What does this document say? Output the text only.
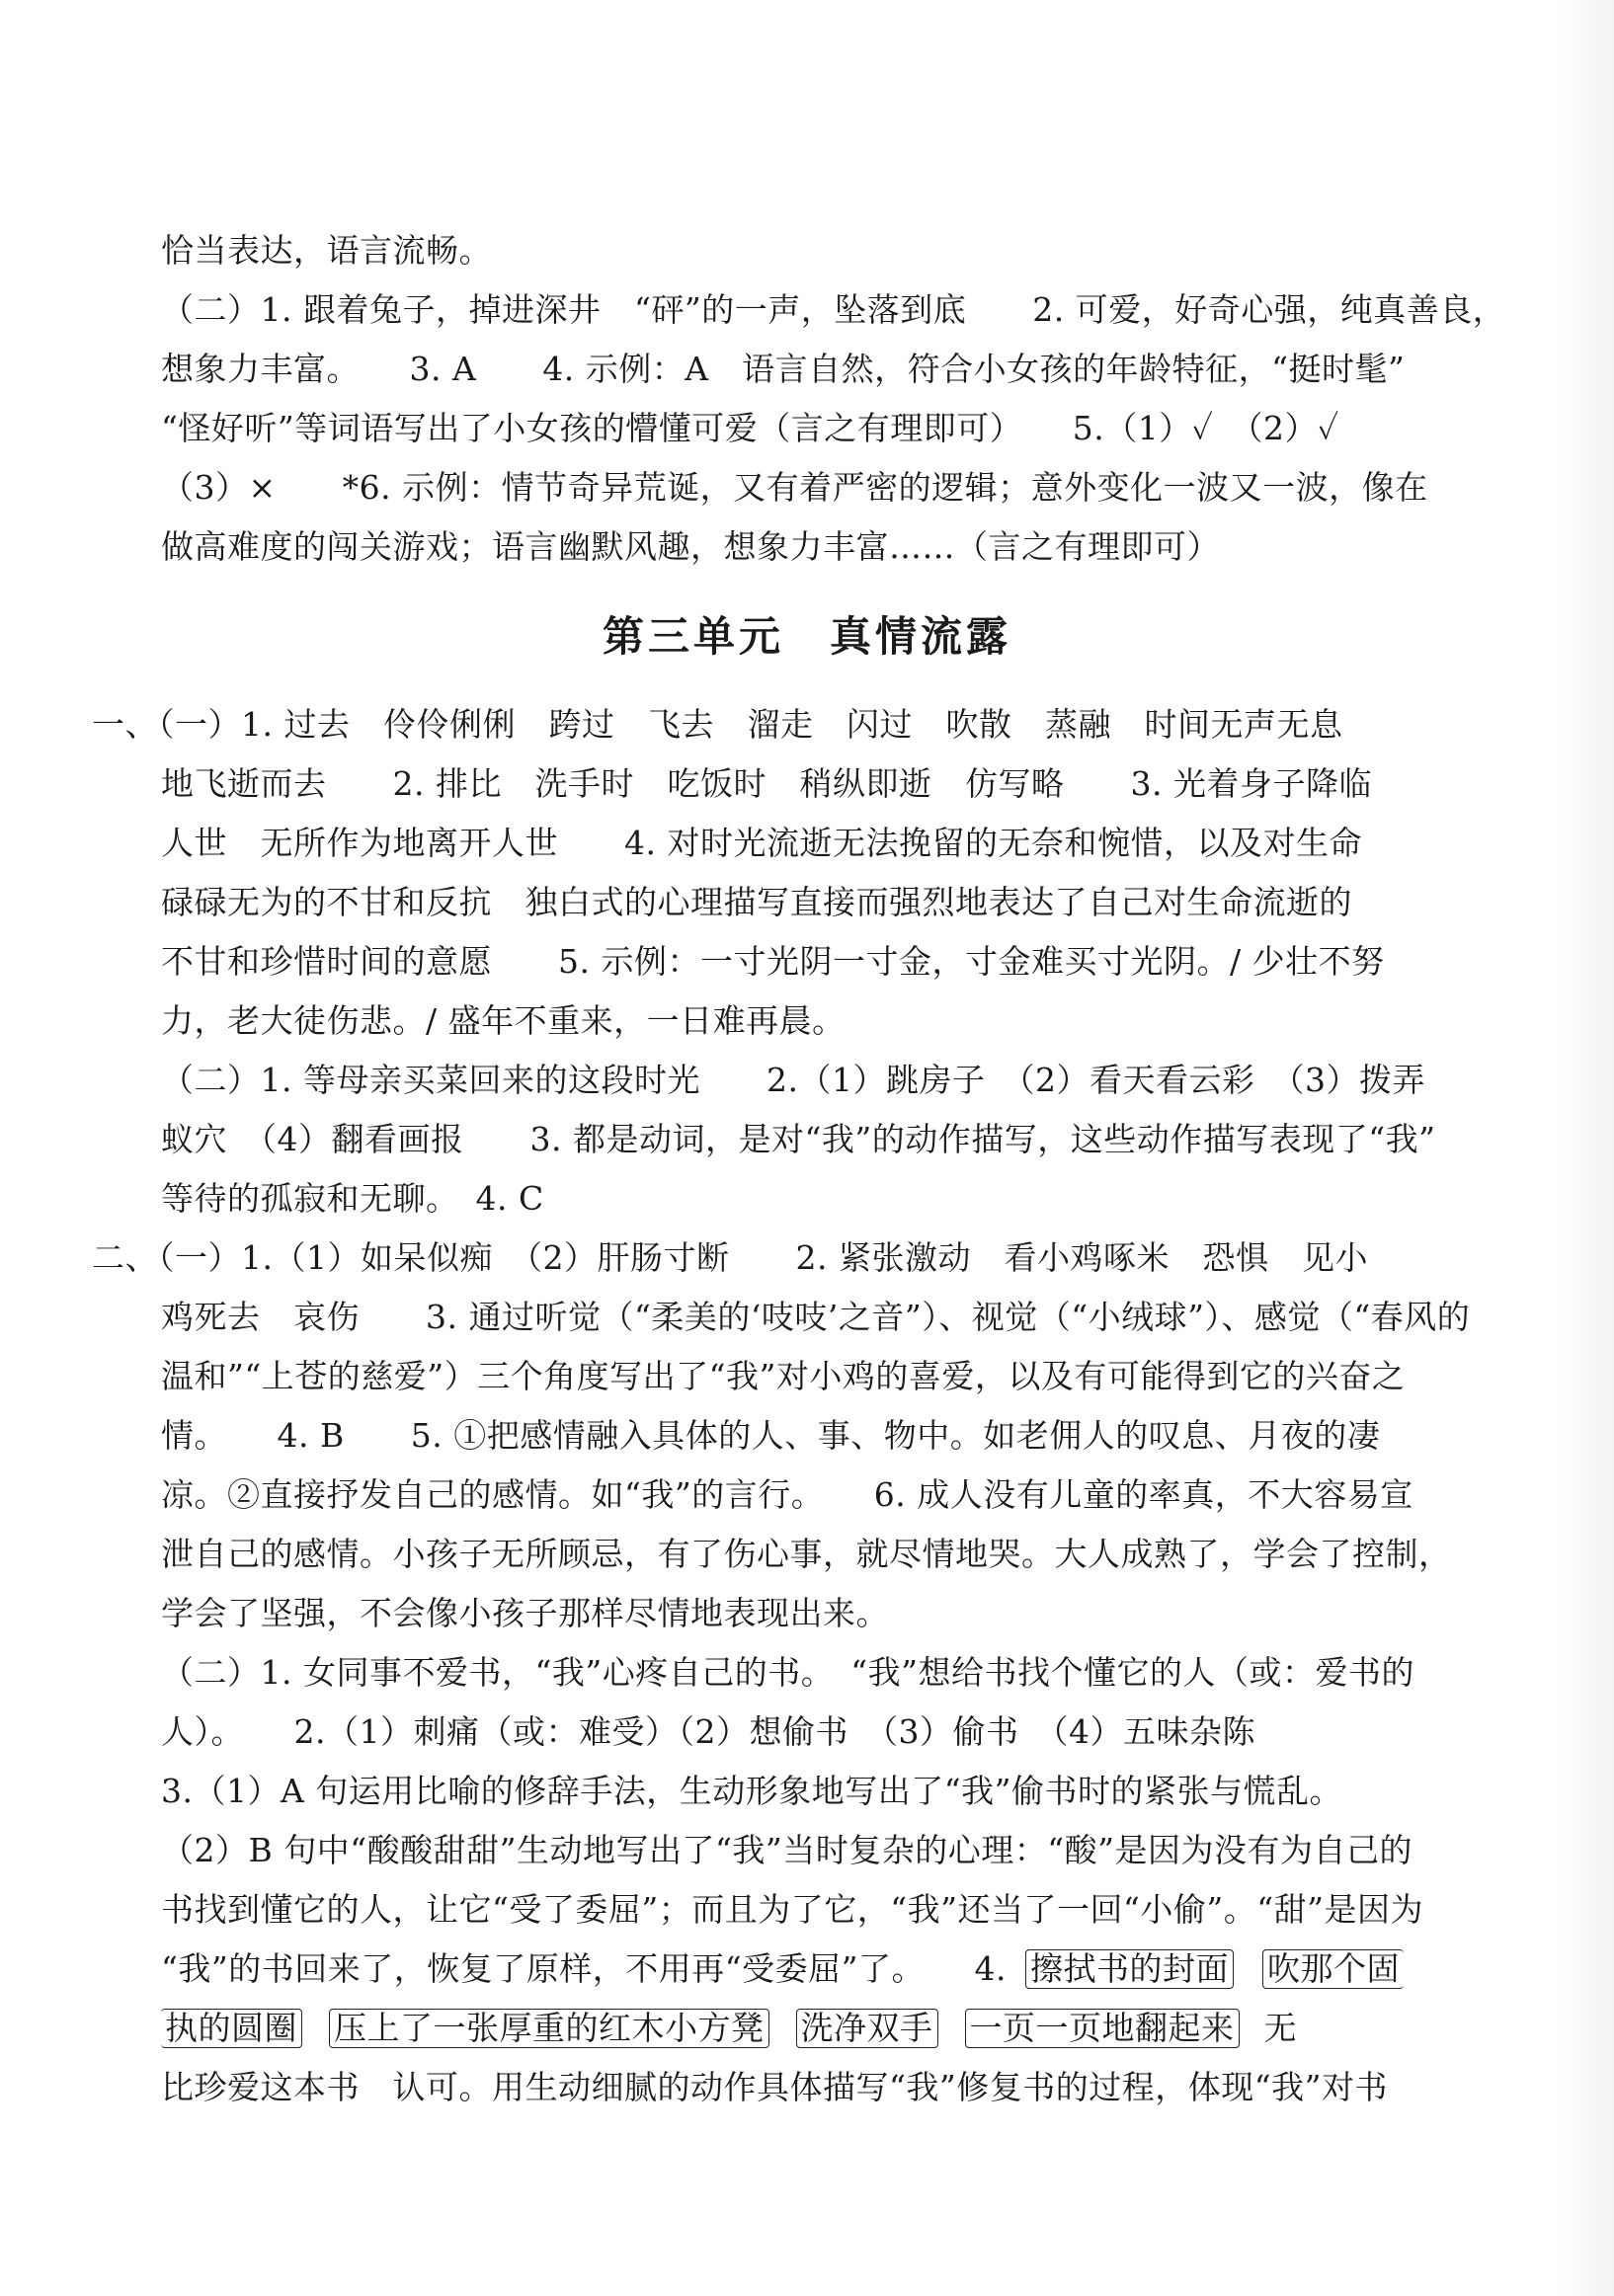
恰当表达，语言流畅。
（二）1. 跟着兔子，掉进深井　“砰”的一声，坠落到底　　2. 可爱，好奇心强，纯真善良，
想象力丰富。　　3. A　　4. 示例：A　语言自然，符合小女孩的年龄特征，“挺时髦”
“怪好听”等词语写出了小女孩的懵懂可爱（言之有理即可）　　5.（1）✓　（2）✓
（3）×　　*6. 示例：情节奇异荒诞，又有着严密的逻辑；意外变化一波又一波，像在
做高难度的闯关游戏；语言幽默风趣，想象力丰富……（言之有理即可）
第三单元　真情流露
一、（一）1. 过去　伶伶俐俐　跨过　飞去　溜走　闪过　吹散　蒸融　时间无声无息
地飞逝而去　　2. 排比　洗手时　吃饭时　稍纵即逝　仿写略　　3. 光着身子降临
人世　无所作为地离开人世　　4. 对时光流逝无法挽留的无奈和惋惜，以及对生命
碌碌无为的不甘和反抗　独白式的心理描写直接而强烈地表达了自己对生命流逝的
不甘和珍惜时间的意愿　　5. 示例：一寸光阴一寸金，寸金难买寸光阴。/ 少壮不努
力，老大徒伤悲。/ 盛年不重来，一日难再晨。
（二）1. 等母亲买菜回来的这段时光　　2.（1）跳房子　（2）看天看云彩　（3）拨弄
蚁穴　（4）翻看画报　　3. 都是动词，是对“我”的动作描写，这些动作描写表现了“我”
等待的孤寂和无聊。　4. C
二、（一）1.（1）如呆似痴　（2）肝肠寸断　　2. 紧张激动　看小鸡啄米　恐惧　见小
鸡死去　哀伤　　3. 通过听觉（“柔美的‘吱吱’之音”）、视觉（“小绒球”）、感觉（“春风的
温和”“上苍的慈爱”）三个角度写出了“我”对小鸡的喜爱，以及有可能得到它的兴奋之
情。　　4. B　　5. ①把感情融入具体的人、事、物中。如老佣人的叹息、月夜的凄
凉。②直接抒发自己的感情。如“我”的言行。　　6. 成人没有儿童的率真，不大容易宣
泄自己的感情。小孩子无所顾忌，有了伤心事，就尽情地哭。大人成熟了，学会了控制，
学会了坚强，不会像小孩子那样尽情地表现出来。
（二）1. 女同事不爱书，“我”心疼自己的书。　“我”想给书找个懂它的人（或：爱书的
人）。　　2.（1）刺痛（或：难受）（2）想偷书　（3）偷书　（4）五味杂陈
3.（1）A 句运用比喻的修辞手法，生动形象地写出了“我”偷书时的紧张与慌乱。
（2）B 句中“酸酸甜甜”生动地写出了“我”当时复杂的心理：“酸”是因为没有为自己的
书找到懂它的人，让它“受了委屈”；而且为了它，“我”还当了一回“小偷”。“甜”是因为
“我”的书回来了，恢复了原样，不用再“受委屈”了。　　4. 擦拭书的封面 吹那个固
执的圆圈 压上了一张厚重的红木小方凳 洗净双手 一页一页地翻起来 无
比珍爱这本书　认可。用生动细腻的动作具体描写“我”修复书的过程，体现“我”对书
